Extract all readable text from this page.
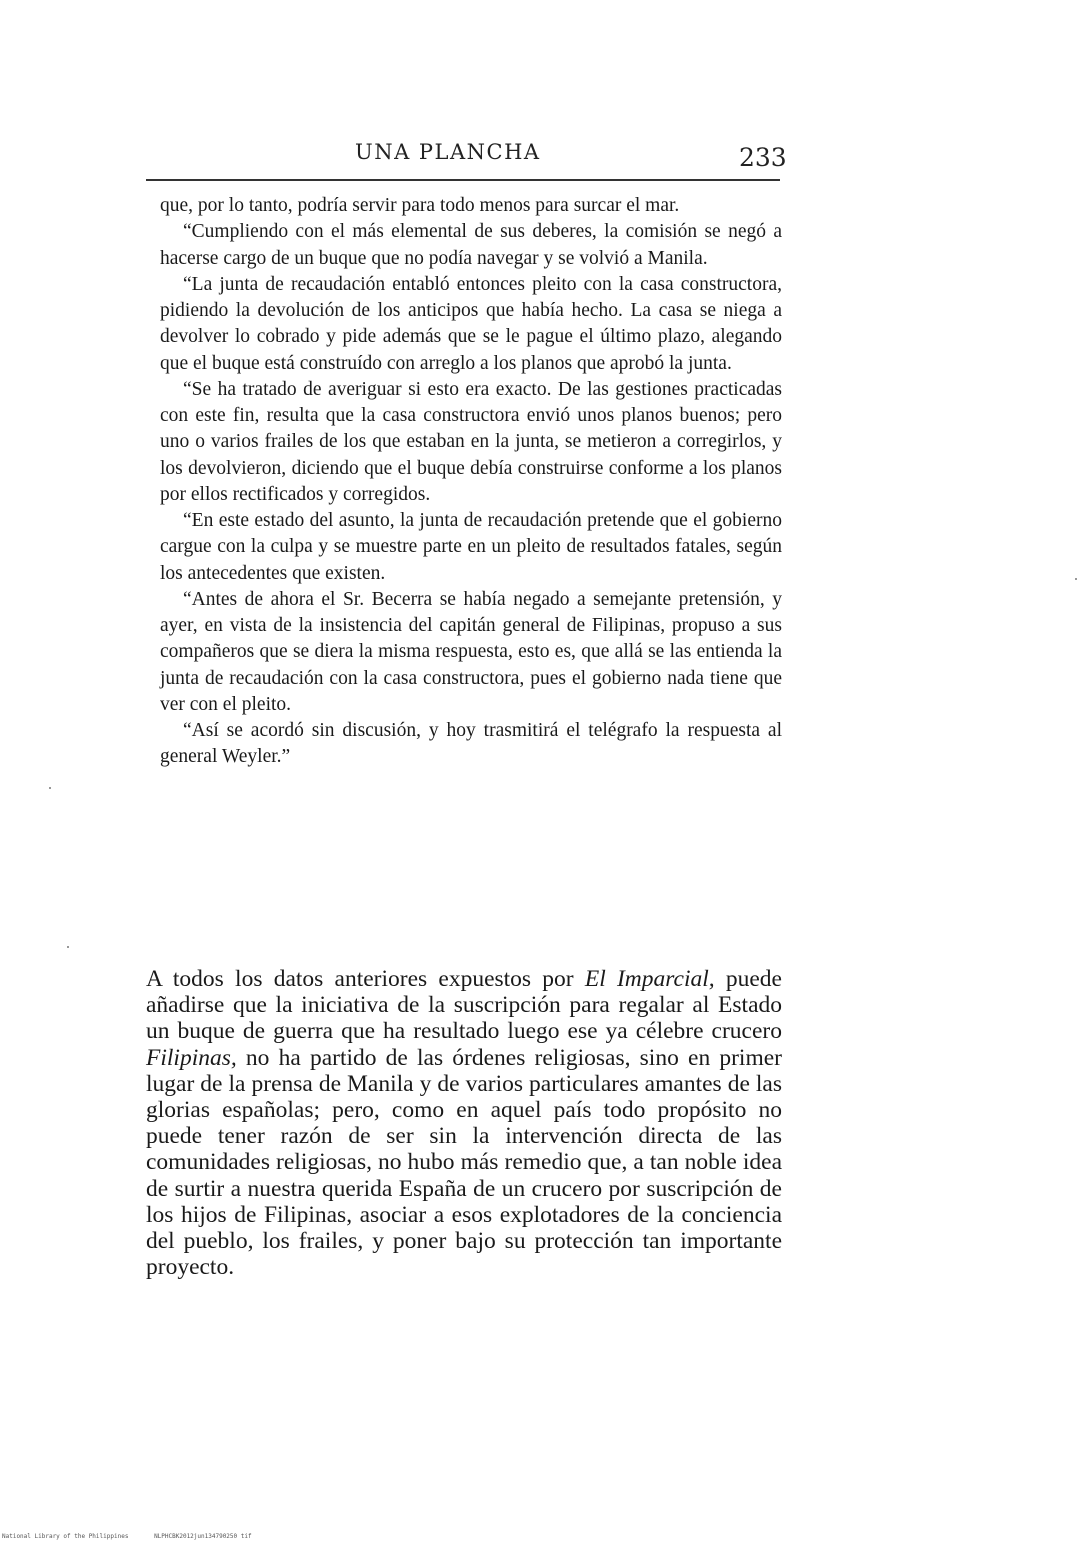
UNA PLANCHA	233

que, por lo tanto, podría servir para todo menos para surcar el mar.

“Cumpliendo con el más elemental de sus deberes, la comisión se negó a hacerse cargo de un buque que no podía navegar y se volvió a Manila.

“La junta de recaudación entabló entonces pleito con la casa constructora, pidiendo la devolución de los anticipos que había hecho. La casa se niega a devolver lo cobrado y pide además que se le pague el último plazo, alegando que el buque está construído con arreglo a los planos que aprobó la junta.

“Se ha tratado de averiguar si esto era exacto. De las gestiones practicadas con este fin, resulta que la casa constructora envió unos planos buenos; pero uno o varios frailes de los que estaban en la junta, se metieron a corregirlos, y los devolvieron, diciendo que el buque debía construirse conforme a los planos por ellos rectificados y corregidos.

“En este estado del asunto, la junta de recaudación pretende que el gobierno cargue con la culpa y se muestre parte en un pleito de resultados fatales, según los antecedentes que existen.

“Antes de ahora el Sr. Becerra se había negado a semejante pretensión, y ayer, en vista de la insistencia del capitán general de Filipinas, propuso a sus compañeros que se diera la misma respuesta, esto es, que allá se las entienda la junta de recaudación con la casa constructora, pues el gobierno nada tiene que ver con el pleito.

“Así se acordó sin discusión, y hoy trasmitirá el telégrafo la respuesta al general Weyler.”

A todos los datos anteriores expuestos por El Imparcial, puede añadirse que la iniciativa de la suscripción para regalar al Estado un buque de guerra que ha resultado luego ese ya célebre crucero Filipinas, no ha partido de las órdenes religiosas, sino en primer lugar de la prensa de Manila y de varios particulares amantes de las glorias españolas; pero, como en aquel país todo propósito no puede tener razón de ser sin la intervención directa de las comunidades religiosas, no hubo más remedio que, a tan noble idea de surtir a nuestra querida España de un crucero por suscripción de los hijos de Filipinas, asociar a esos explotadores de la conciencia del pueblo, los frailes, y poner bajo su protección tan importante proyecto.

National Library of the Philippines	NLPHCBK2012jun134790250 tif
